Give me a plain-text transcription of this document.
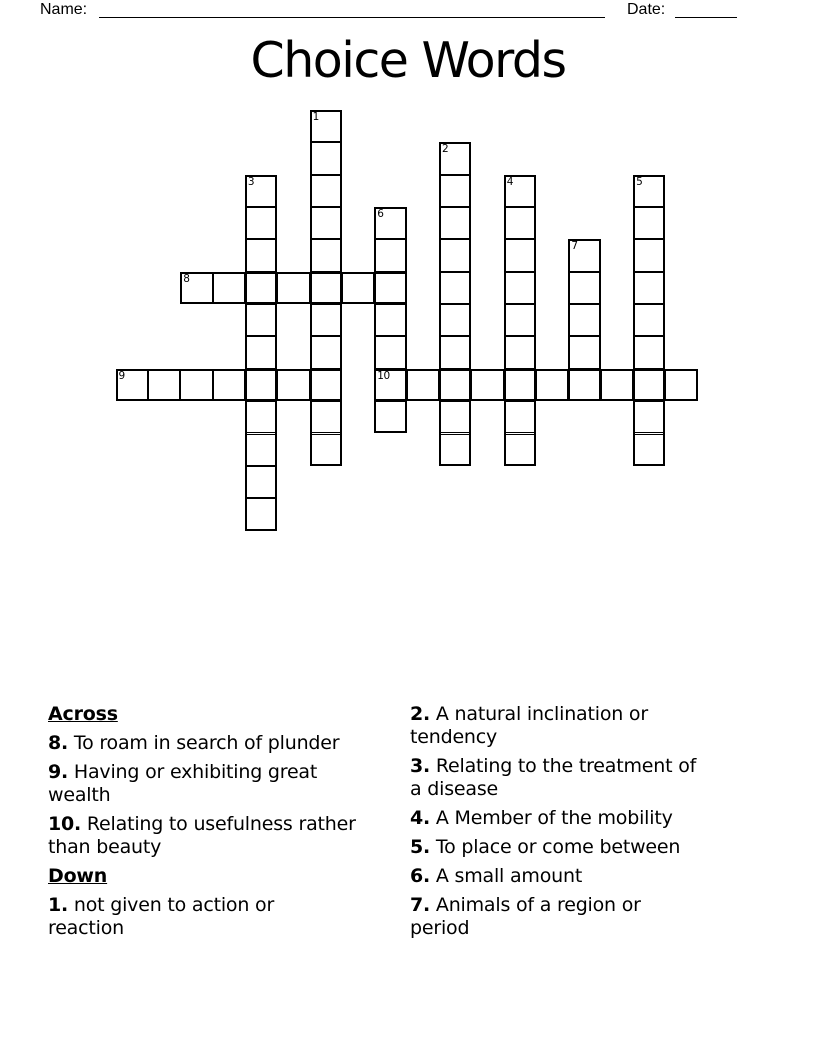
Name:	Date:
Choice Words
1
2
3	4	5
6
7
8
9	10
Across
8. To roam in search of plunder
9. Having or exhibiting great
wealth
10. Relating to usefulness rather
than beauty
Down
1. not given to action or
reaction
2. A natural inclination or
tendency
3. Relating to the treatment of
a disease
4. A Member of the mobility
5. To place or come between
6. A small amount
7. Animals of a region or
period
